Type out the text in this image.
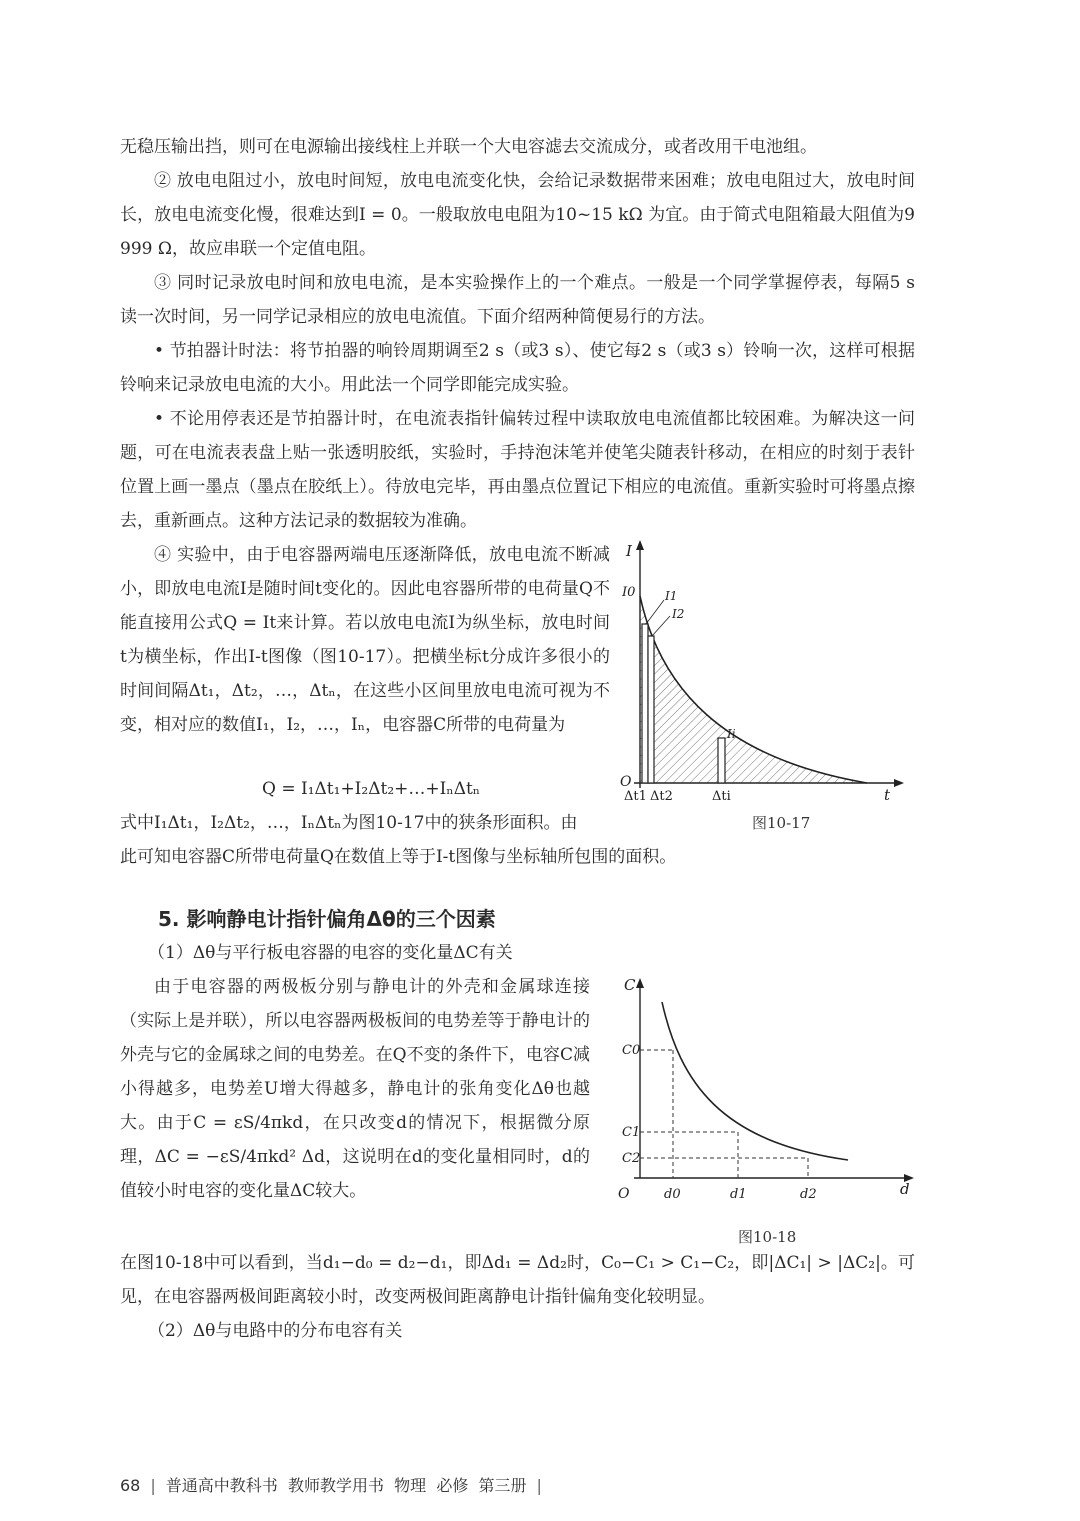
无稳压输出挡，则可在电源输出接线柱上并联一个大电容滤去交流成分，或者改用干电池组。

② 放电电阻过小，放电时间短，放电电流变化快，会给记录数据带来困难；放电电阻过大，放电时间长，放电电流变化慢，很难达到I = 0。一般取放电电阻为10~15 kΩ 为宜。由于简式电阻箱最大阻值为9 999 Ω，故应串联一个定值电阻。

③ 同时记录放电时间和放电电流，是本实验操作上的一个难点。一般是一个同学掌握停表，每隔5 s读一次时间，另一同学记录相应的放电电流值。下面介绍两种简便易行的方法。

• 节拍器计时法：将节拍器的响铃周期调至2 s（或3 s）、使它每2 s（或3 s）铃响一次，这样可根据铃响来记录放电电流的大小。用此法一个同学即能完成实验。

• 不论用停表还是节拍器计时，在电流表指针偏转过程中读取放电电流值都比较困难。为解决这一问题，可在电流表表盘上贴一张透明胶纸，实验时，手持泡沫笔并使笔尖随表针移动，在相应的时刻于表针位置上画一墨点（墨点在胶纸上）。待放电完毕，再由墨点位置记下相应的电流值。重新实验时可将墨点擦去，重新画点。这种方法记录的数据较为准确。

④ 实验中，由于电容器两端电压逐渐降低，放电电流不断减小，即放电电流I是随时间t变化的。因此电容器所带的电荷量Q不能直接用公式Q = It来计算。若以放电电流I为纵坐标，放电时间t为横坐标，作出I-t图像（图10-17）。把横坐标t分成许多很小的时间间隔Δt₁，Δt₂，…，Δtₙ，在这些小区间里放电电流可视为不变，相对应的数值I₁，I₂，…，Iₙ，电容器C所带的电荷量为

Q = I₁Δt₁+I₂Δt₂+…+IₙΔtₙ

式中I₁Δt₁，I₂Δt₂，…，IₙΔtₙ为图10-17中的狭条形面积。由

此可知电容器C所带电荷量Q在数值上等于I-t图像与坐标轴所包围的面积。

5. 影响静电计指针偏角Δθ的三个因素
（1）Δθ与平行板电容器的电容的变化量ΔC有关

由于电容器的两极板分别与静电计的外壳和金属球连接（实际上是并联），所以电容器两极板间的电势差等于静电计的外壳与它的金属球之间的电势差。在Q不变的条件下，电容C减小得越多，电势差U增大得越多，静电计的张角变化Δθ也越大。由于C = εS/4πkd，在只改变d的情况下，根据微分原理，ΔC = −εS/4πkd² Δd，这说明在d的变化量相同时，d的值较小时电容的变化量ΔC较大。

在图10-18中可以看到，当d₁−d₀ = d₂−d₁，即Δd₁ = Δd₂时，C₀−C₁ > C₁−C₂，即|ΔC₁| > |ΔC₂|。可见，在电容器两极间距离较小时，改变两极间距离静电计指针偏角变化较明显。

（2）Δθ与电路中的分布电容有关
I
I0 I1
I2
Ii
O
Δt1 Δt2	Δti	t
图10-17
C
C0
C1
C2
O	d0	d1	d2	d
图10-18
68 | 普通高中教科书 教师教学用书 物理 必修 第三册 |
